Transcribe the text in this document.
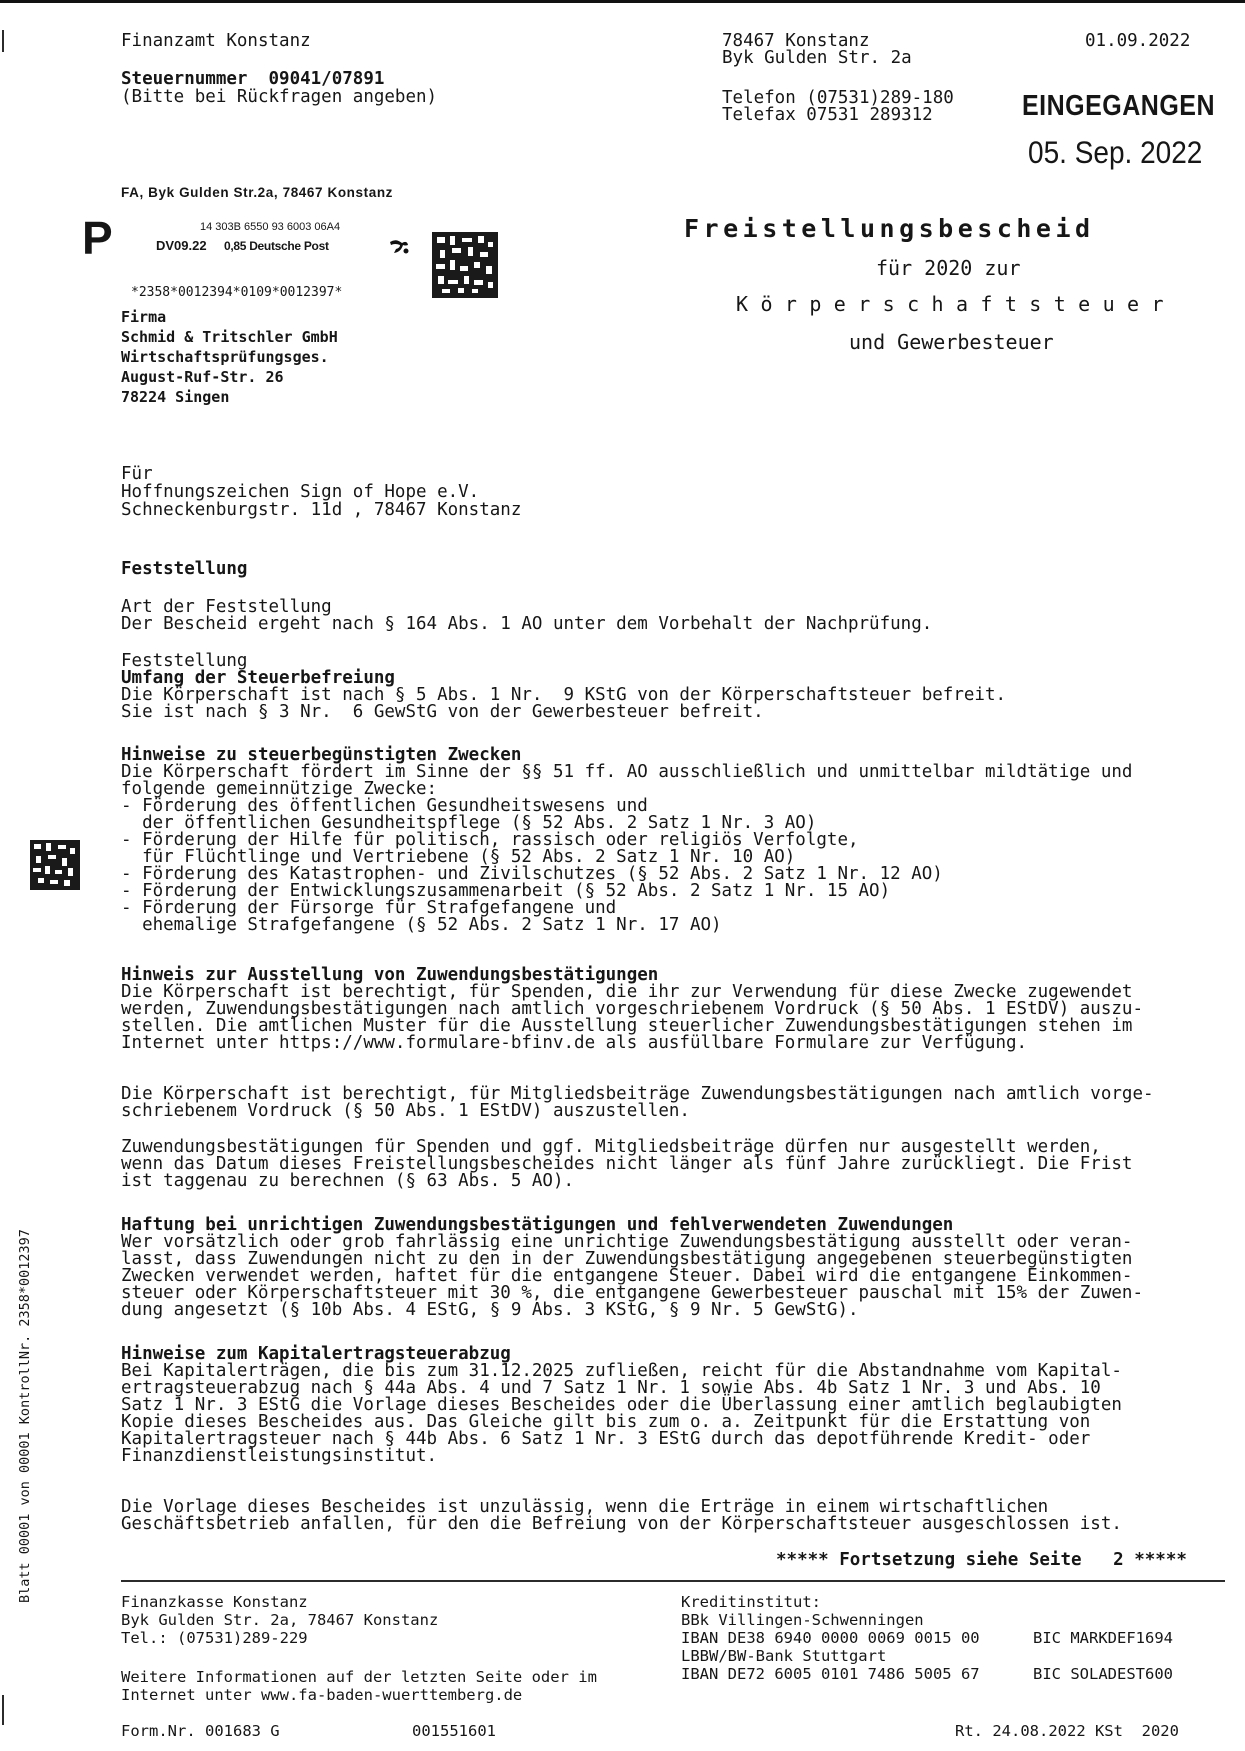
Finanzamt Konstanz
Steuernummer  09041/07891
(Bitte bei Rückfragen angeben)
78467 Konstanz
Byk Gulden Str. 2a
01.09.2022
Telefon (07531)289-180
Telefax 07531 289312	EINGEGANGEN
05. Sep. 2022
FA, Byk Gulden Str.2a, 78467 Konstanz
P	14 303B 6550 93 6003 06A4
DV09.22 0,85 Deutsche Post
*2358*0012394*0109*0012397*
Firma
Schmid & Tritschler GmbH
Wirtschaftsprüfungsges.
August-Ruf-Str. 26
78224 Singen
Freistellungsbescheid
für 2020 zur
Körperschaftsteuer
und Gewerbesteuer
Für
Hoffnungszeichen Sign of Hope e.V.
Schneckenburgstr. 11d , 78467 Konstanz
Feststellung
Art der Feststellung
Der Bescheid ergeht nach § 164 Abs. 1 AO unter dem Vorbehalt der Nachprüfung.
Feststellung
Umfang der Steuerbefreiung
Die Körperschaft ist nach § 5 Abs. 1 Nr.  9 KStG von der Körperschaftsteuer befreit.
Sie ist nach § 3 Nr.  6 GewStG von der Gewerbesteuer befreit.
Hinweise zu steuerbegünstigten Zwecken
Die Körperschaft fördert im Sinne der §§ 51 ff. AO ausschließlich und unmittelbar mildtätige und
folgende gemeinnützige Zwecke:
- Förderung des öffentlichen Gesundheitswesens und
der öffentlichen Gesundheitspflege (§ 52 Abs. 2 Satz 1 Nr. 3 AO)
- Förderung der Hilfe für politisch, rassisch oder religiös Verfolgte,
für Flüchtlinge und Vertriebene (§ 52 Abs. 2 Satz 1 Nr. 10 AO)
- Förderung des Katastrophen- und Zivilschutzes (§ 52 Abs. 2 Satz 1 Nr. 12 AO)
- Förderung der Entwicklungszusammenarbeit (§ 52 Abs. 2 Satz 1 Nr. 15 AO)
- Förderung der Fürsorge für Strafgefangene und
ehemalige Strafgefangene (§ 52 Abs. 2 Satz 1 Nr. 17 AO)
Hinweis zur Ausstellung von Zuwendungsbestätigungen
Die Körperschaft ist berechtigt, für Spenden, die ihr zur Verwendung für diese Zwecke zugewendet
werden, Zuwendungsbestätigungen nach amtlich vorgeschriebenem Vordruck (§ 50 Abs. 1 EStDV) auszu-
stellen. Die amtlichen Muster für die Ausstellung steuerlicher Zuwendungsbestätigungen stehen im
Internet unter https://www.formulare-bfinv.de als ausfüllbare Formulare zur Verfügung.
Die Körperschaft ist berechtigt, für Mitgliedsbeiträge Zuwendungsbestätigungen nach amtlich vorge-
schriebenem Vordruck (§ 50 Abs. 1 EStDV) auszustellen.
Zuwendungsbestätigungen für Spenden und ggf. Mitgliedsbeiträge dürfen nur ausgestellt werden,
wenn das Datum dieses Freistellungsbescheides nicht länger als fünf Jahre zurückliegt. Die Frist
ist taggenau zu berechnen (§ 63 Abs. 5 AO).
Haftung bei unrichtigen Zuwendungsbestätigungen und fehlverwendeten Zuwendungen
Wer vorsätzlich oder grob fahrlässig eine unrichtige Zuwendungsbestätigung ausstellt oder veran-
lasst, dass Zuwendungen nicht zu den in der Zuwendungsbestätigung angegebenen steuerbegünstigten
Zwecken verwendet werden, haftet für die entgangene Steuer. Dabei wird die entgangene Einkommen-
steuer oder Körperschaftsteuer mit 30 %, die entgangene Gewerbesteuer pauschal mit 15% der Zuwen-
dung angesetzt (§ 10b Abs. 4 EStG, § 9 Abs. 3 KStG, § 9 Nr. 5 GewStG).
Hinweise zum Kapitalertragsteuerabzug
Bei Kapitalerträgen, die bis zum 31.12.2025 zufließen, reicht für die Abstandnahme vom Kapital-
ertragsteuerabzug nach § 44a Abs. 4 und 7 Satz 1 Nr. 1 sowie Abs. 4b Satz 1 Nr. 3 und Abs. 10
Satz 1 Nr. 3 EStG die Vorlage dieses Bescheides oder die Überlassung einer amtlich beglaubigten
Kopie dieses Bescheides aus. Das Gleiche gilt bis zum o. a. Zeitpunkt für die Erstattung von
Kapitalertragsteuer nach § 44b Abs. 6 Satz 1 Nr. 3 EStG durch das depotführende Kredit- oder
Finanzdienstleistungsinstitut.
Die Vorlage dieses Bescheides ist unzulässig, wenn die Erträge in einem wirtschaftlichen
Geschäftsbetrieb anfallen, für den die Befreiung von der Körperschaftsteuer ausgeschlossen ist.
***** Fortsetzung siehe Seite   2 *****
Finanzkasse Konstanz
Byk Gulden Str. 2a, 78467 Konstanz
Tel.: (07531)289-229
Weitere Informationen auf der letzten Seite oder im
Internet unter www.fa-baden-wuerttemberg.de
Kreditinstitut:
BBk Villingen-Schwenningen
IBAN DE38 6940 0000 0069 0015 00	BIC MARKDEF1694
LBBW/BW-Bank Stuttgart
IBAN DE72 6005 0101 7486 5005 67	BIC SOLADEST600
Form.Nr. 001683 G	001551601	Rt. 24.08.2022 KSt  2020
Blatt 00001 von 00001 KontrollNr. 2358*0012397
